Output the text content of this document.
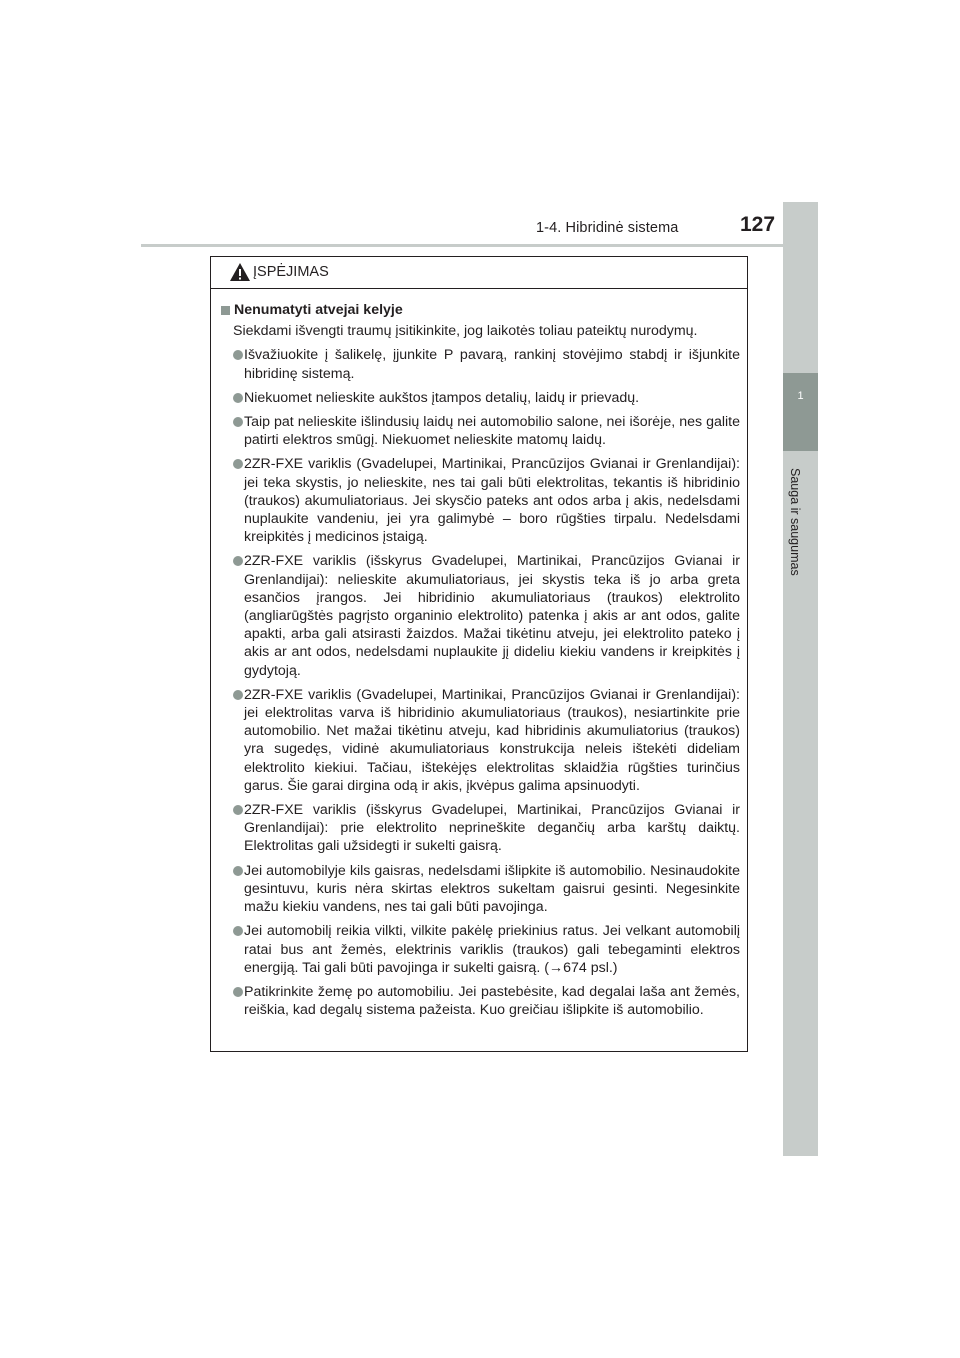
1-4. Hibridinė sistema	127
1
Sauga ir saugumas
ĮSPĖJIMAS
Nenumatyti atvejai kelyje
Siekdami išvengti traumų įsitikinkite, jog laikotės toliau pateiktų nurodymų.
Išvažiuokite į šalikelę, įjunkite P pavarą, rankinį stovėjimo stabdį ir išjunkite hibridinę sistemą.
Niekuomet nelieskite aukštos įtampos detalių, laidų ir prievadų.
Taip pat nelieskite išlindusių laidų nei automobilio salone, nei išorėje, nes galite patirti elektros smūgį. Niekuomet nelieskite matomų laidų.
2ZR-FXE variklis (Gvadelupei, Martinikai, Prancūzijos Gvianai ir Grenlandijai): jei teka skystis, jo nelieskite, nes tai gali būti elektrolitas, tekantis iš hibridinio (traukos) akumuliatoriaus. Jei skysčio pateks ant odos arba į akis, nedelsdami nuplaukite vandeniu, jei yra galimybė – boro rūgšties tirpalu. Nedelsdami kreipkitės į medicinos įstaigą.
2ZR-FXE variklis (išskyrus Gvadelupei, Martinikai, Prancūzijos Gvianai ir Grenlandijai): nelieskite akumuliatoriaus, jei skystis teka iš jo arba greta esančios įrangos. Jei hibridinio akumuliatoriaus (traukos) elektrolito (angliarūgštės pagrįsto organinio elektrolito) patenka į akis ar ant odos, galite apakti, arba gali atsirasti žaizdos. Mažai tikėtinu atveju, jei elektrolito pateko į akis ar ant odos, nedelsdami nuplaukite jį dideliu kiekiu vandens ir kreipkitės į gydytoją.
2ZR-FXE variklis (Gvadelupei, Martinikai, Prancūzijos Gvianai ir Grenlandijai): jei elektrolitas varva iš hibridinio akumuliatoriaus (traukos), nesiartinkite prie automobilio. Net mažai tikėtinu atveju, kad hibridinis akumuliatorius (traukos) yra sugedęs, vidinė akumuliatoriaus konstrukcija neleis ištekėti dideliam elektrolito kiekiui. Tačiau, ištekėjęs elektrolitas sklaidžia rūgšties turinčius garus. Šie garai dirgina odą ir akis, įkvėpus galima apsinuodyti.
2ZR-FXE variklis (išskyrus Gvadelupei, Martinikai, Prancūzijos Gvianai ir Grenlandijai): prie elektrolito neprineškite degančių arba karštų daiktų. Elektrolitas gali užsidegti ir sukelti gaisrą.
Jei automobilyje kils gaisras, nedelsdami išlipkite iš automobilio. Nesinaudokite gesintuvu, kuris nėra skirtas elektros sukeltam gaisrui gesinti. Negesinkite mažu kiekiu vandens, nes tai gali būti pavojinga.
Jei automobilį reikia vilkti, vilkite pakėlę priekinius ratus. Jei velkant automobilį ratai bus ant žemės, elektrinis variklis (traukos) gali tebegaminti elektros energiją. Tai gali būti pavojinga ir sukelti gaisrą. (→674 psl.)
Patikrinkite žemę po automobiliu. Jei pastebėsite, kad degalai laša ant žemės, reiškia, kad degalų sistema pažeista. Kuo greičiau išlipkite iš automobilio.
